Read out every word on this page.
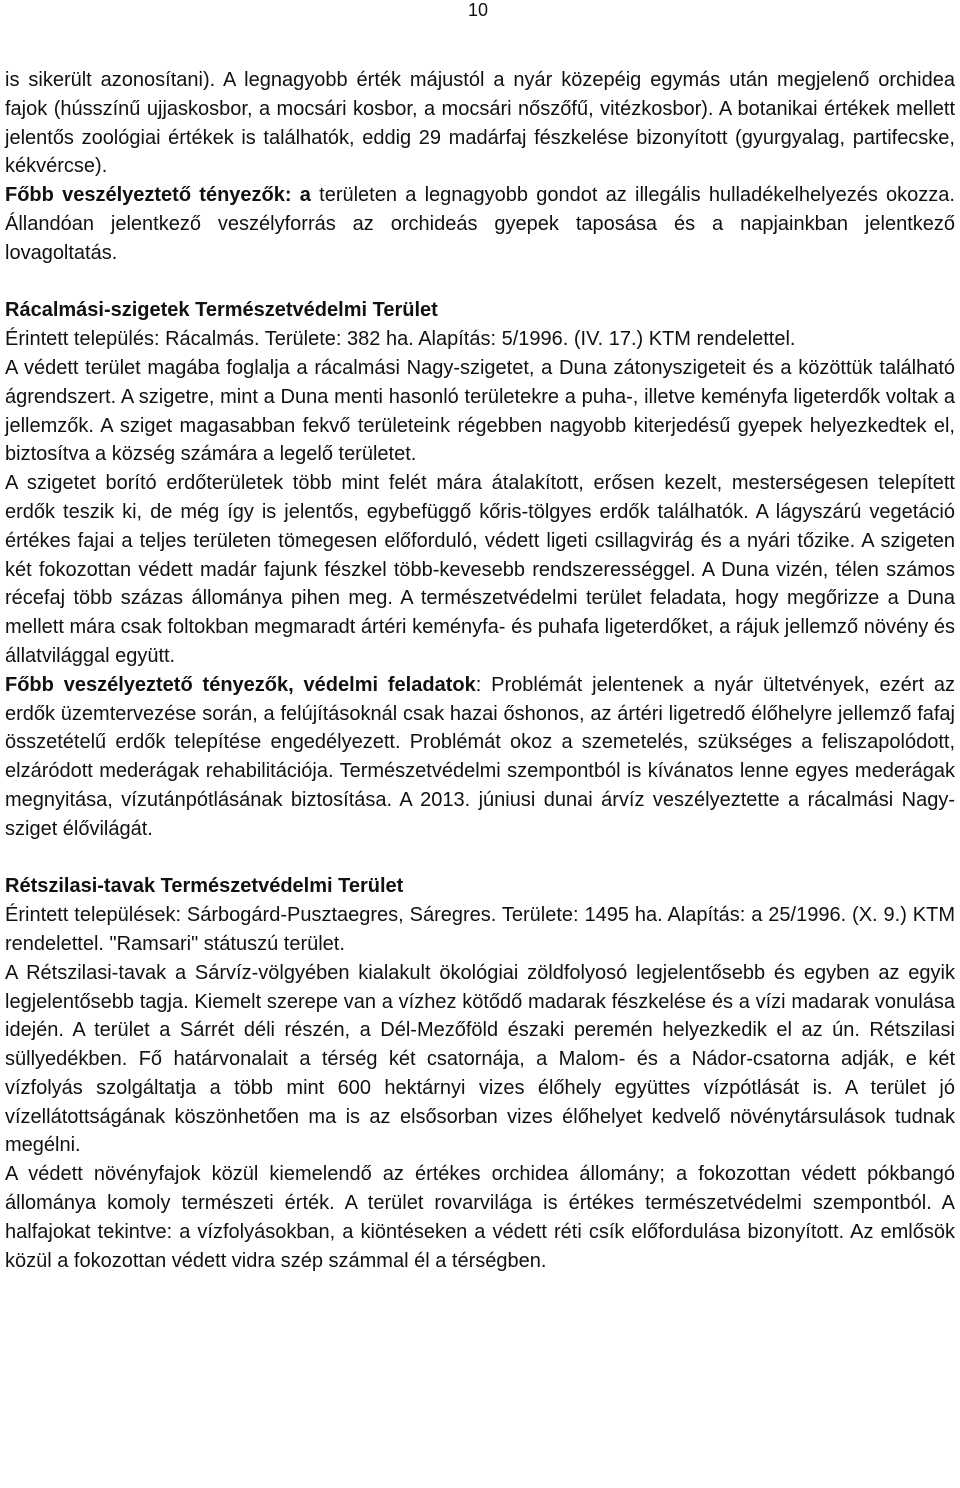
10

is sikerült azonosítani). A legnagyobb érték májustól a nyár közepéig egymás után megjelenő orchidea fajok (hússzínű ujjaskosbor, a mocsári kosbor, a mocsári nőszőfű, vitézkosbor). A botanikai értékek mellett jelentős zoológiai értékek is találhatók, eddig 29 madárfaj fészkelése bizonyított (gyurgyalag, partifecske, kékvércse).

Főbb veszélyeztető tényezők: a területen a legnagyobb gondot az illegális hulladékelhelyezés okozza. Állandóan jelentkező veszélyforrás az orchideás gyepek taposása és a napjainkban jelentkező lovagoltatás.

Rácalmási-szigetek Természetvédelmi Terület

Érintett település: Rácalmás. Területe: 382 ha. Alapítás: 5/1996. (IV. 17.) KTM rendelettel.

A védett terület magába foglalja a rácalmási Nagy-szigetet, a Duna zátonyszigeteit és a közöttük található ágrendszert. A szigetre, mint a Duna menti hasonló területekre a puha-, illetve keményfa ligeterdők voltak a jellemzők. A sziget magasabban fekvő területeink régebben nagyobb kiterjedésű gyepek helyezkedtek el, biztosítva a község számára a legelő területet.

A szigetet borító erdőterületek több mint felét mára átalakított, erősen kezelt, mesterségesen telepített erdők teszik ki, de még így is jelentős, egybefüggő kőris-tölgyes erdők találhatók. A lágyszárú vegetáció értékes fajai a teljes területen tömegesen előforduló, védett ligeti csillagvirág és a nyári tőzike. A szigeten két fokozottan védett madár fajunk fészkel több-kevesebb rendszerességgel. A Duna vizén, télen számos récefaj több százas állománya pihen meg. A természetvédelmi terület feladata, hogy megőrizze a Duna mellett mára csak foltokban megmaradt ártéri keményfa- és puhafa ligeterdőket, a rájuk jellemző növény és állatvilággal együtt.

Főbb veszélyeztető tényezők, védelmi feladatok: Problémát jelentenek a nyár ültetvények, ezért az erdők üzemtervezése során, a felújításoknál csak hazai őshonos, az ártéri ligetredő élőhelyre jellemző fafaj összetételű erdők telepítése engedélyezett. Problémát okoz a szemetelés, szükséges a feliszapolódott, elzáródott mederágak rehabilitációja. Természetvédelmi szempontból is kívánatos lenne egyes mederágak megnyitása, vízutánpótlásának biztosítása. A 2013. júniusi dunai árvíz veszélyeztette a rácalmási Nagy-sziget élővilágát.

Rétszilasi-tavak Természetvédelmi Terület

Érintett települések: Sárbogárd-Pusztaegres, Sáregres. Területe: 1495 ha. Alapítás: a 25/1996. (X. 9.) KTM rendelettel. "Ramsari" státuszú terület.

A Rétszilasi-tavak a Sárvíz-völgyében kialakult ökológiai zöldfolyosó legjelentősebb és egyben az egyik legjelentősebb tagja. Kiemelt szerepe van a vízhez kötődő madarak fészkelése és a vízi madarak vonulása idején. A terület a Sárrét déli részén, a Dél-Mezőföld északi peremén helyezkedik el az ún. Rétszilasi süllyedékben. Fő határvonalait a térség két csatornája, a Malom- és a Nádor-csatorna adják, e két vízfolyás szolgáltatja a több mint 600 hektárnyi vizes élőhely együttes vízpótlását is. A terület jó vízellátottságának köszönhetően ma is az elsősorban vizes élőhelyet kedvelő növénytársulások tudnak megélni.

A védett növényfajok közül kiemelendő az értékes orchidea állomány; a fokozottan védett pókbangó állománya komoly természeti érték. A terület rovarvilága is értékes természetvédelmi szempontból. A halfajokat tekintve: a vízfolyásokban, a kiöntéseken a védett réti csík előfordulása bizonyított. Az emlősök közül a fokozottan védett vidra szép számmal él a térségben.
